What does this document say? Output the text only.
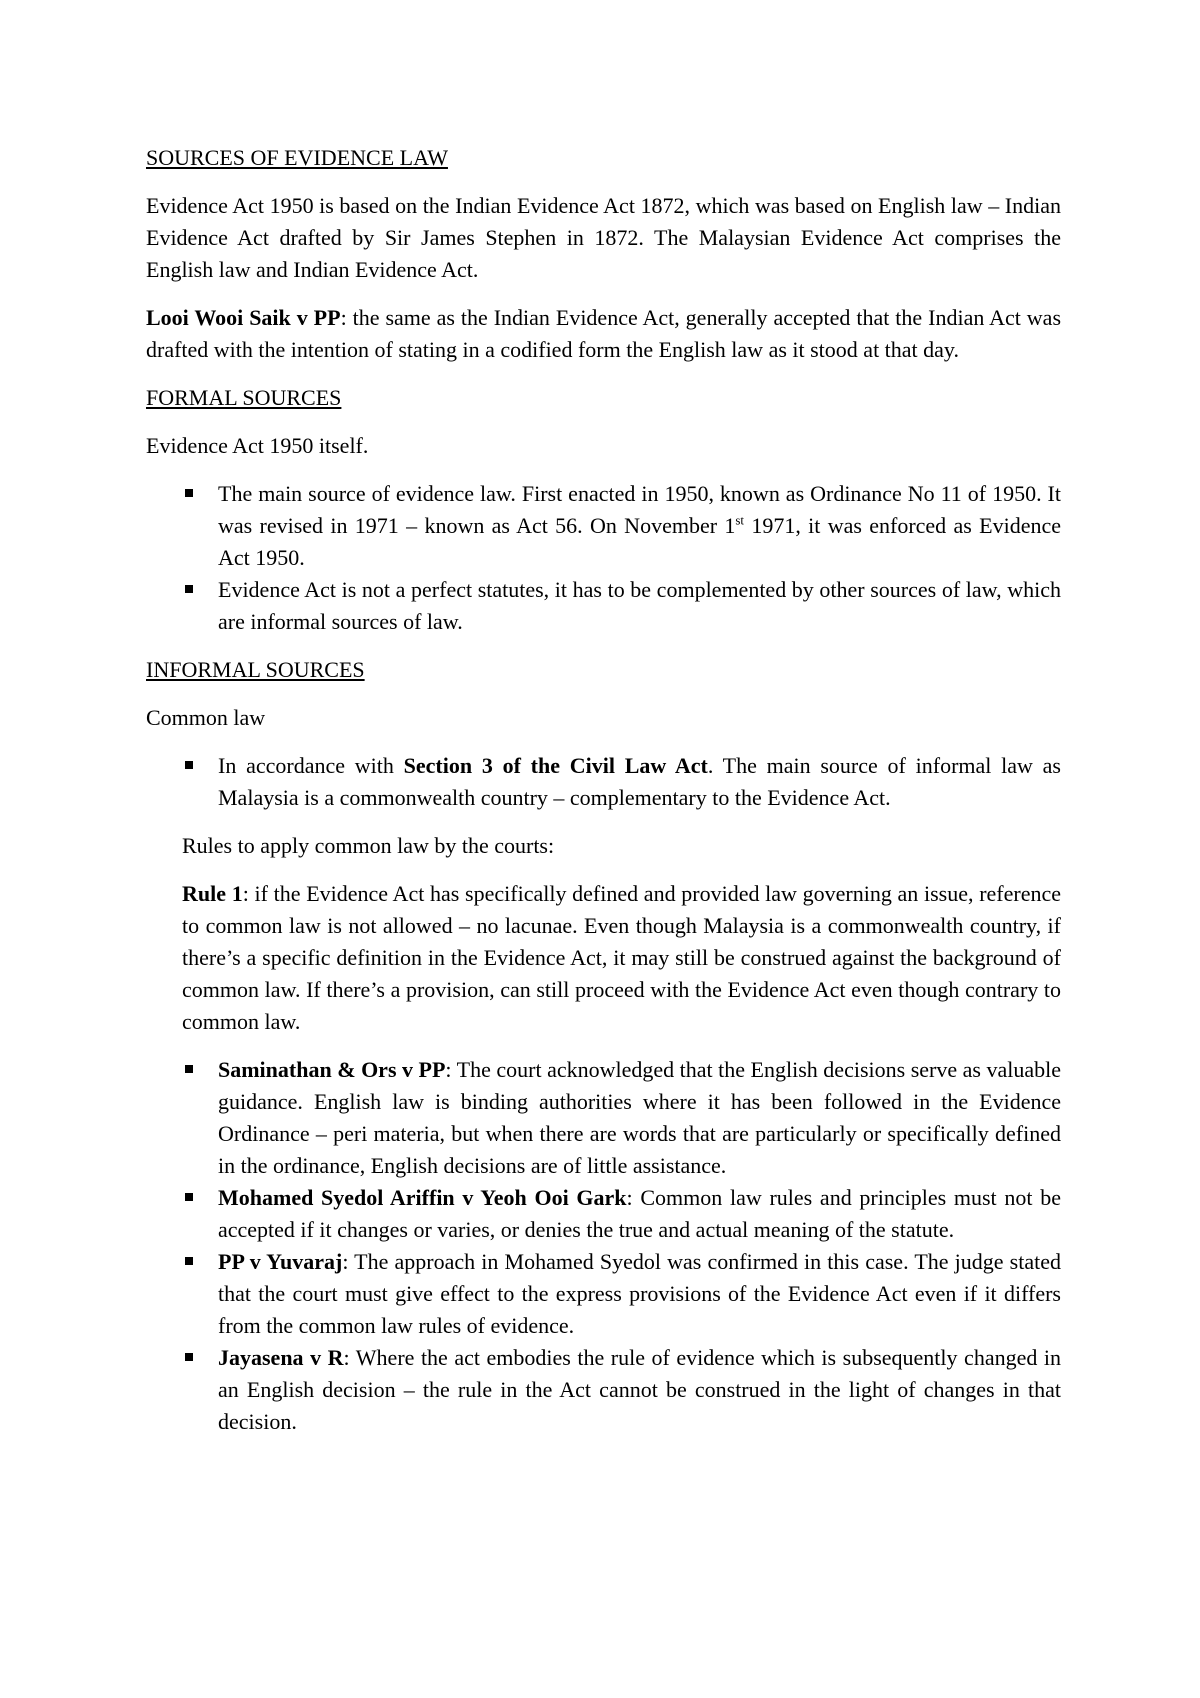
SOURCES OF EVIDENCE LAW

Evidence Act 1950 is based on the Indian Evidence Act 1872, which was based on English law – Indian Evidence Act drafted by Sir James Stephen in 1872. The Malaysian Evidence Act comprises the English law and Indian Evidence Act.

Looi Wooi Saik v PP: the same as the Indian Evidence Act, generally accepted that the Indian Act was drafted with the intention of stating in a codified form the English law as it stood at that day.

FORMAL SOURCES
Evidence Act 1950 itself.
The main source of evidence law. First enacted in 1950, known as Ordinance No 11 of 1950. It was revised in 1971 – known as Act 56. On November 1st 1971, it was enforced as Evidence Act 1950.
Evidence Act is not a perfect statutes, it has to be complemented by other sources of law, which are informal sources of law.
INFORMAL SOURCES
Common law
In accordance with Section 3 of the Civil Law Act. The main source of informal law as Malaysia is a commonwealth country – complementary to the Evidence Act.

Rules to apply common law by the courts:

Rule 1: if the Evidence Act has specifically defined and provided law governing an issue, reference to common law is not allowed – no lacunae. Even though Malaysia is a commonwealth country, if there’s a specific definition in the Evidence Act, it may still be construed against the background of common law. If there’s a provision, can still proceed with the Evidence Act even though contrary to common law.

Saminathan & Ors v PP: The court acknowledged that the English decisions serve as valuable guidance. English law is binding authorities where it has been followed in the Evidence Ordinance – peri materia, but when there are words that are particularly or specifically defined in the ordinance, English decisions are of little assistance.
Mohamed Syedol Ariffin v Yeoh Ooi Gark: Common law rules and principles must not be accepted if it changes or varies, or denies the true and actual meaning of the statute.
PP v Yuvaraj: The approach in Mohamed Syedol was confirmed in this case. The judge stated that the court must give effect to the express provisions of the Evidence Act even if it differs from the common law rules of evidence.
Jayasena v R: Where the act embodies the rule of evidence which is subsequently changed in an English decision – the rule in the Act cannot be construed in the light of changes in that decision.
